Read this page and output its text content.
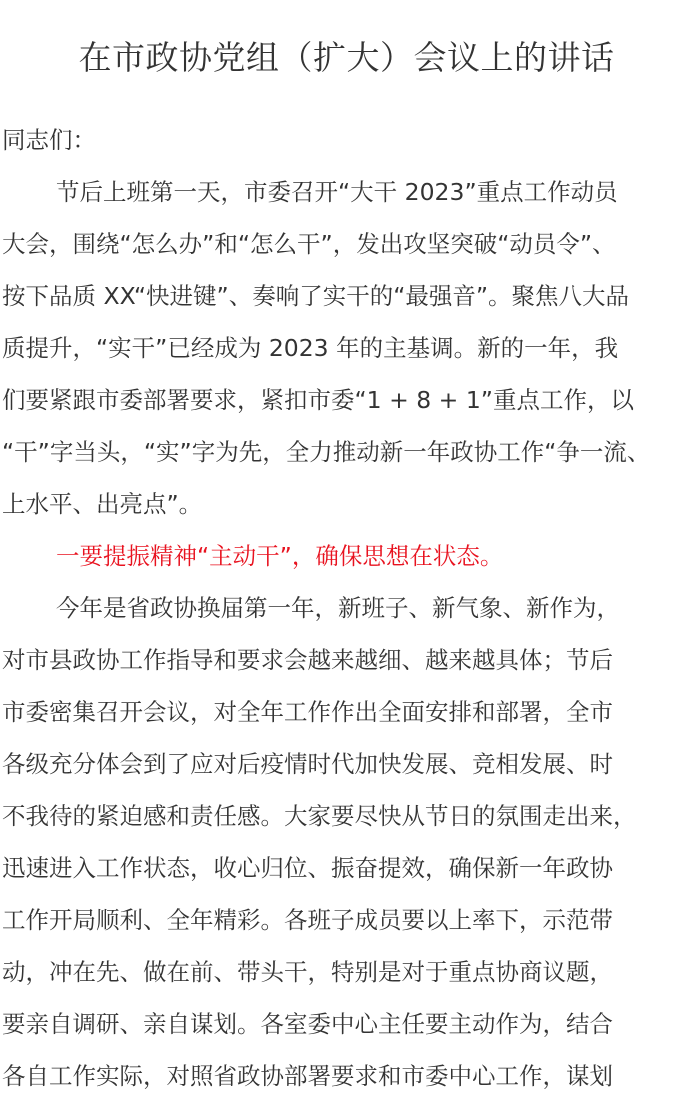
在市政协党组（扩大）会议上的讲话
同志们：
节后上班第一天，市委召开“大干 2023”重点工作动员
大会，围绕“怎么办”和“怎么干”，发出攻坚突破“动员令”、
按下品质 XX“快进键”、奏响了实干的“最强音”。聚焦八大品
质提升，“实干”已经成为 2023 年的主基调。新的一年，我
们要紧跟市委部署要求，紧扣市委“1 + 8 + 1”重点工作，以
“干”字当头，“实”字为先，全力推动新一年政协工作“争一流、
上水平、出亮点”。
一要提振精神“主动干”，确保思想在状态。
今年是省政协换届第一年，新班子、新气象、新作为，
对市县政协工作指导和要求会越来越细、越来越具体；节后
市委密集召开会议，对全年工作作出全面安排和部署，全市
各级充分体会到了应对后疫情时代加快发展、竞相发展、时
不我待的紧迫感和责任感。大家要尽快从节日的氛围走出来，
迅速进入工作状态，收心归位、振奋提效，确保新一年政协
工作开局顺利、全年精彩。各班子成员要以上率下，示范带
动，冲在先、做在前、带头干，特别是对于重点协商议题，
要亲自调研、亲自谋划。各室委中心主任要主动作为，结合
各自工作实际，对照省政协部署要求和市委中心工作，谋划
